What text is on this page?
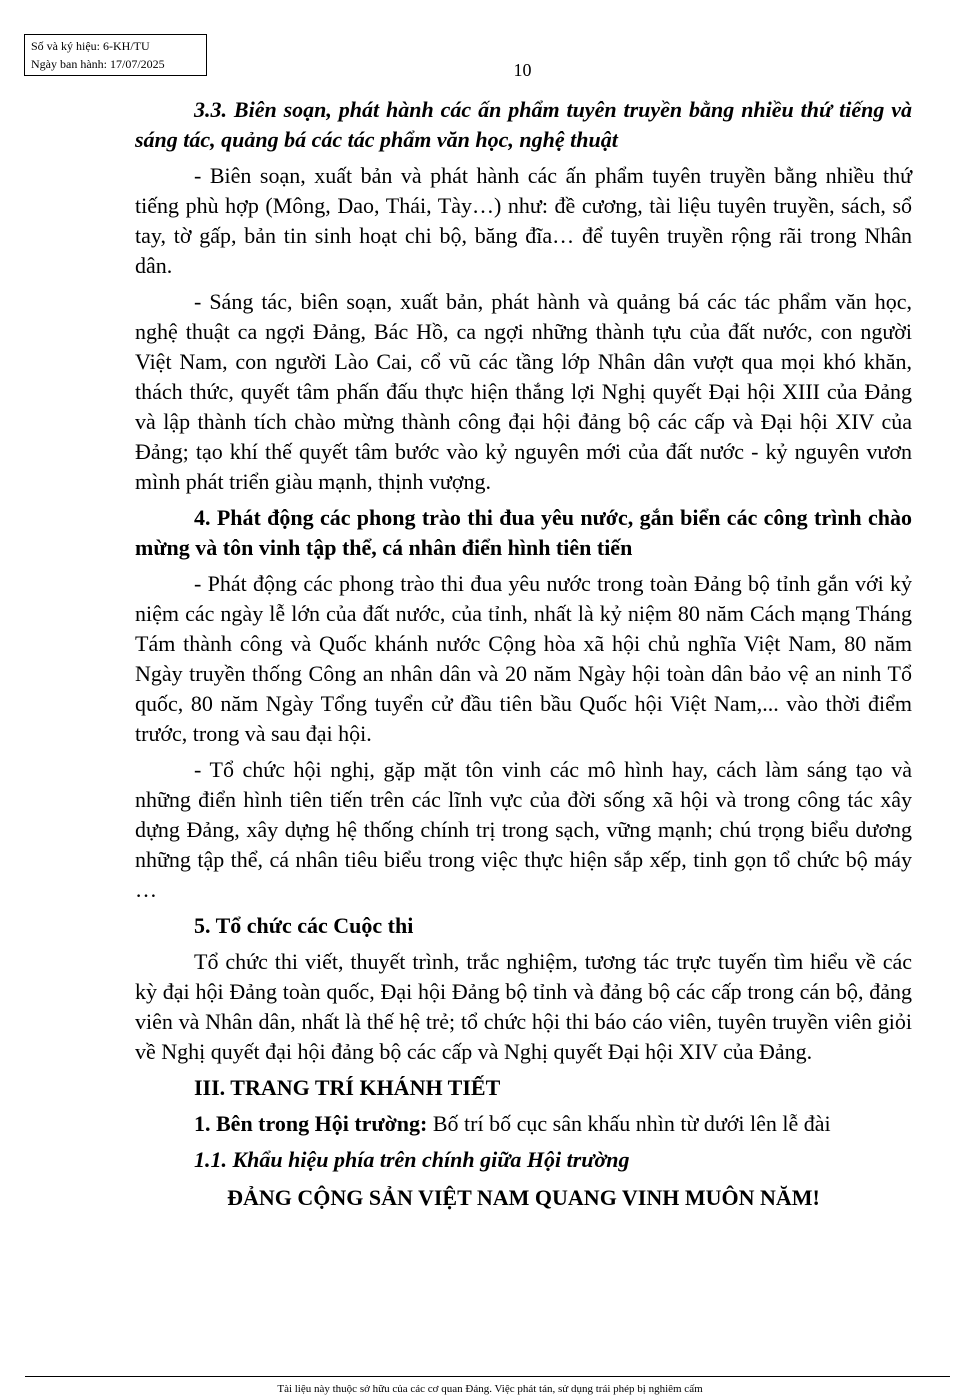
Số và ký hiệu: 6-KH/TU
Ngày ban hành: 17/07/2025	10

3.3. Biên soạn, phát hành các ấn phẩm tuyên truyền bằng nhiều thứ tiếng và sáng tác, quảng bá các tác phẩm văn học, nghệ thuật

- Biên soạn, xuất bản và phát hành các ấn phẩm tuyên truyền bằng nhiều thứ tiếng phù hợp (Mông, Dao, Thái, Tày…) như: đề cương, tài liệu tuyên truyền, sách, sổ tay, tờ gấp, bản tin sinh hoạt chi bộ, băng đĩa… để tuyên truyền rộng rãi trong Nhân dân.

- Sáng tác, biên soạn, xuất bản, phát hành và quảng bá các tác phẩm văn học, nghệ thuật ca ngợi Đảng, Bác Hồ, ca ngợi những thành tựu của đất nước, con người Việt Nam, con người Lào Cai, cổ vũ các tầng lớp Nhân dân vượt qua mọi khó khăn, thách thức, quyết tâm phấn đấu thực hiện thắng lợi Nghị quyết Đại hội XIII của Đảng và lập thành tích chào mừng thành công đại hội đảng bộ các cấp và Đại hội XIV của Đảng; tạo khí thế quyết tâm bước vào kỷ nguyên mới của đất nước - kỷ nguyên vươn mình phát triển giàu mạnh, thịnh vượng.

4. Phát động các phong trào thi đua yêu nước, gắn biển các công trình chào mừng và tôn vinh tập thể, cá nhân điển hình tiên tiến

- Phát động các phong trào thi đua yêu nước trong toàn Đảng bộ tỉnh gắn với kỷ niệm các ngày lễ lớn của đất nước, của tỉnh, nhất là kỷ niệm 80 năm Cách mạng Tháng Tám thành công và Quốc khánh nước Cộng hòa xã hội chủ nghĩa Việt Nam, 80 năm Ngày truyền thống Công an nhân dân và 20 năm Ngày hội toàn dân bảo vệ an ninh Tổ quốc, 80 năm Ngày Tổng tuyển cử đầu tiên bầu Quốc hội Việt Nam,... vào thời điểm trước, trong và sau đại hội.

- Tổ chức hội nghị, gặp mặt tôn vinh các mô hình hay, cách làm sáng tạo và những điển hình tiên tiến trên các lĩnh vực của đời sống xã hội và trong công tác xây dựng Đảng, xây dựng hệ thống chính trị trong sạch, vững mạnh; chú trọng biểu dương những tập thể, cá nhân tiêu biểu trong việc thực hiện sắp xếp, tinh gọn tổ chức bộ máy …

5. Tổ chức các Cuộc thi

Tổ chức thi viết, thuyết trình, trắc nghiệm, tương tác trực tuyến tìm hiểu về các kỳ đại hội Đảng toàn quốc, Đại hội Đảng bộ tỉnh và đảng bộ các cấp trong cán bộ, đảng viên và Nhân dân, nhất là thế hệ trẻ; tổ chức hội thi báo cáo viên, tuyên truyền viên giỏi về Nghị quyết đại hội đảng bộ các cấp và Nghị quyết Đại hội XIV của Đảng.

III. TRANG TRÍ KHÁNH TIẾT

1. Bên trong Hội trường: Bố trí bố cục sân khấu nhìn từ dưới lên lễ đài

1.1. Khẩu hiệu phía trên chính giữa Hội trường

ĐẢNG CỘNG SẢN VIỆT NAM QUANG VINH MUÔN NĂM!

Tài liệu này thuộc sở hữu của các cơ quan Đảng. Việc phát tán, sử dụng trái phép bị nghiêm cấm
